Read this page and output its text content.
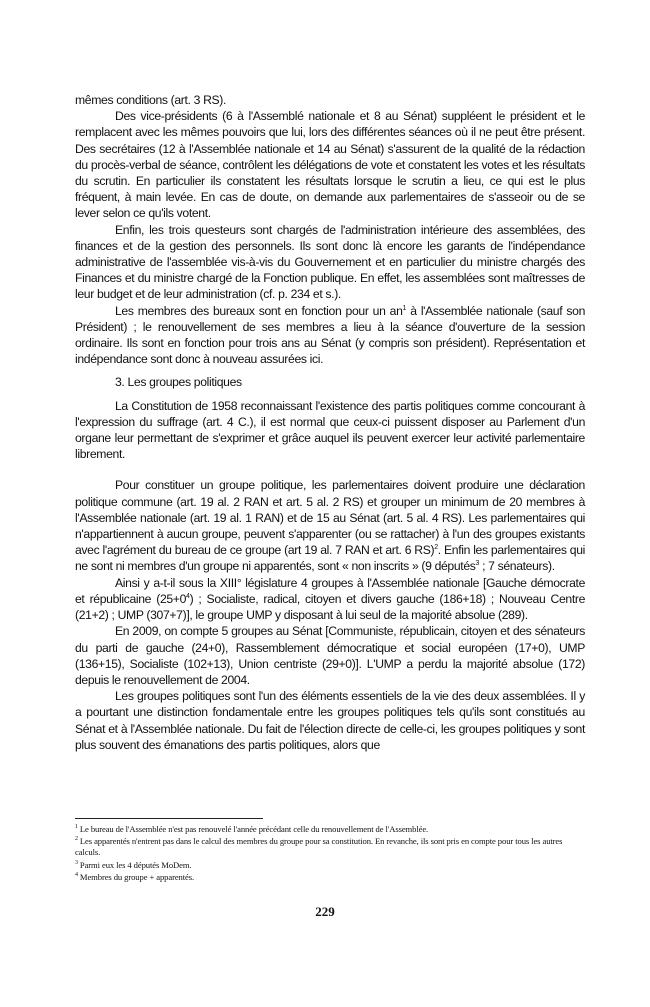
mêmes conditions (art. 3 RS).

Des vice-présidents (6 à l'Assemblé nationale et 8 au Sénat) suppléent le président et le remplacent avec les mêmes pouvoirs que lui, lors des différentes séances où il ne peut être présent. Des secrétaires (12 à l'Assemblée nationale et 14 au Sénat) s'assurent de la qualité de la rédaction du procès-verbal de séance, contrôlent les délégations de vote et constatent les votes et les résultats du scrutin. En particulier ils constatent les résultats lorsque le scrutin a lieu, ce qui est le plus fréquent, à main levée. En cas de doute, on demande aux parlementaires de s'asseoir ou de se lever selon ce qu'ils votent.

Enfin, les trois questeurs sont chargés de l'administration intérieure des assemblées, des finances et de la gestion des personnels. Ils sont donc là encore les garants de l'indépendance administrative de l'assemblée vis-à-vis du Gouvernement et en particulier du ministre chargés des Finances et du ministre chargé de la Fonction publique. En effet, les assemblées sont maîtresses de leur budget et de leur administration (cf. p. 234 et s.).

Les membres des bureaux sont en fonction pour un $an^1$ à l'Assemblée nationale (sauf son Président) ; le renouvellement de ses membres a lieu à la séance d'ouverture de la session ordinaire. Ils sont en fonction pour trois ans au Sénat (y compris son président). Représentation et indépendance sont donc à nouveau assurées ici.

3. Les groupes politiques

La Constitution de 1958 reconnaissant l'existence des partis politiques comme concourant à l'expression du suffrage (art. 4 C.), il est normal que ceux-ci puissent disposer au Parlement d'un organe leur permettant de s'exprimer et grâce auquel ils peuvent exercer leur activité parlementaire librement.

Pour constituer un groupe politique, les parlementaires doivent produire une déclaration politique commune (art. 19 al. 2 RAN et art. 5 al. 2 RS) et grouper un minimum de 20 membres à l'Assemblée nationale (art. 19 al. 1 RAN) et de 15 au Sénat (art. 5 al. 4 RS). Les parlementaires qui n'appartiennent à aucun groupe, peuvent s'apparenter (ou se rattacher) à l'un des groupes existants avec l'agrément du bureau de ce groupe (art 19 al. 7 RAN et art. 6 RS)$^2$. Enfin les parlementaires qui ne sont ni membres d'un groupe ni apparentés, sont « non inscrits » (9 députés$^3$ ; 7 sénateurs).

Ainsi y a-t-il sous la XIII° législature 4 groupes à l'Assemblée nationale [Gauche démocrate et républicaine $(25+0^4)$ ; Socialiste, radical, citoyen et divers gauche (186+18) ; Nouveau Centre (21+2) ; UMP (307+7)], le groupe UMP y disposant à lui seul de la majorité absolue (289).

En 2009, on compte 5 groupes au Sénat [Communiste, républicain, citoyen et des sénateurs du parti de gauche (24+0), Rassemblement démocratique et social européen (17+0), UMP (136+15), Socialiste (102+13), Union centriste (29+0)]. L'UMP a perdu la majorité absolue (172) depuis le renouvellement de 2004.

Les groupes politiques sont l'un des éléments essentiels de la vie des deux assemblées. Il y a pourtant une distinction fondamentale entre les groupes politiques tels qu'ils sont constitués au Sénat et à l'Assemblée nationale. Du fait de l'élection directe de celle-ci, les groupes politiques y sont plus souvent des émanations des partis politiques, alors que

$^1$ Le bureau de l'Assemblée n'est pas renouvelé l'année précédant celle du renouvellement de l'Assemblée.

$^2$ Les apparentés n'entrent pas dans le calcul des membres du groupe pour sa constitution. En revanche, ils sont pris en compte pour tous les autres calculs.

$^3$ Parmi eux les 4 députés MoDem.

$^4$ Membres du groupe + apparentés.

229
